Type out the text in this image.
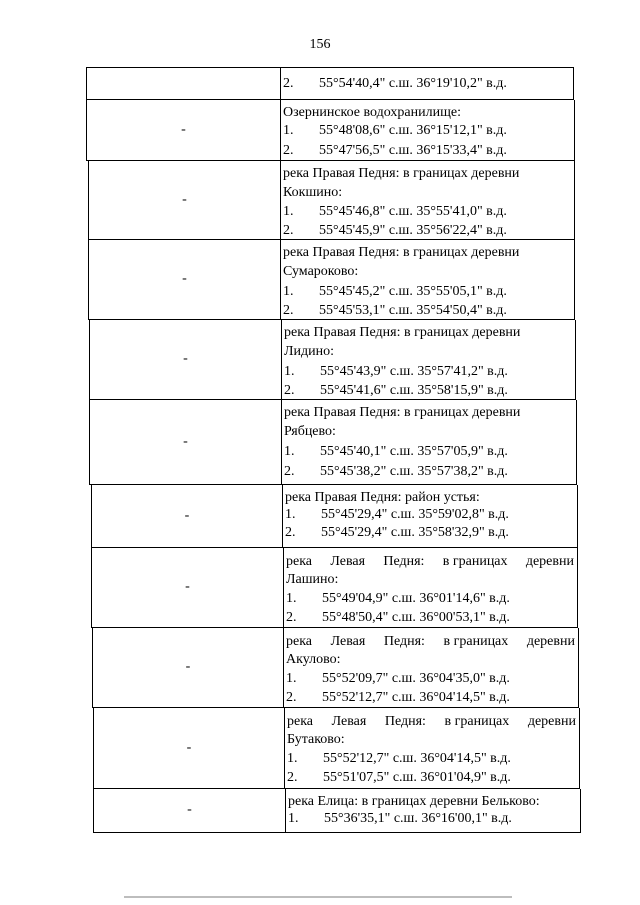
156
2. 55°54'40,4" с.ш. 36°19'10,2" в.д.
-
Озернинское водохранилище:
1. 55°48'08,6" с.ш. 36°15'12,1" в.д.
2. 55°47'56,5" с.ш. 36°15'33,4" в.д.
-
река Правая Педня: в границах деревни
Кокшино:
1. 55°45'46,8" с.ш. 35°55'41,0" в.д.
2. 55°45'45,9" с.ш. 35°56'22,4" в.д.
-
река Правая Педня: в границах деревни
Сумароково:
1. 55°45'45,2" с.ш. 35°55'05,1" в.д.
2. 55°45'53,1" с.ш. 35°54'50,4" в.д.
-
река Правая Педня: в границах деревни
Лидино:
1. 55°45'43,9" с.ш. 35°57'41,2" в.д.
2. 55°45'41,6" с.ш. 35°58'15,9" в.д.
-
река Правая Педня: в границах деревни
Рябцево:
1. 55°45'40,1" с.ш. 35°57'05,9" в.д.
2. 55°45'38,2" с.ш. 35°57'38,2" в.д.
-
река Правая Педня: район устья:
1. 55°45'29,4" с.ш. 35°59'02,8" в.д.
2. 55°45'29,4" с.ш. 35°58'32,9" в.д.
-
река Левая Педня: в границах деревни
Лашино:
1. 55°49'04,9" с.ш. 36°01'14,6" в.д.
2. 55°48'50,4" с.ш. 36°00'53,1" в.д.
-
река Левая Педня: в границах деревни
Акулово:
1. 55°52'09,7" с.ш. 36°04'35,0" в.д.
2. 55°52'12,7" с.ш. 36°04'14,5" в.д.
-
река Левая Педня: в границах деревни
Бутаково:
1. 55°52'12,7" с.ш. 36°04'14,5" в.д.
2. 55°51'07,5" с.ш. 36°01'04,9" в.д.
-
река Елица: в границах деревни Бельково:
1. 55°36'35,1" с.ш. 36°16'00,1" в.д.
